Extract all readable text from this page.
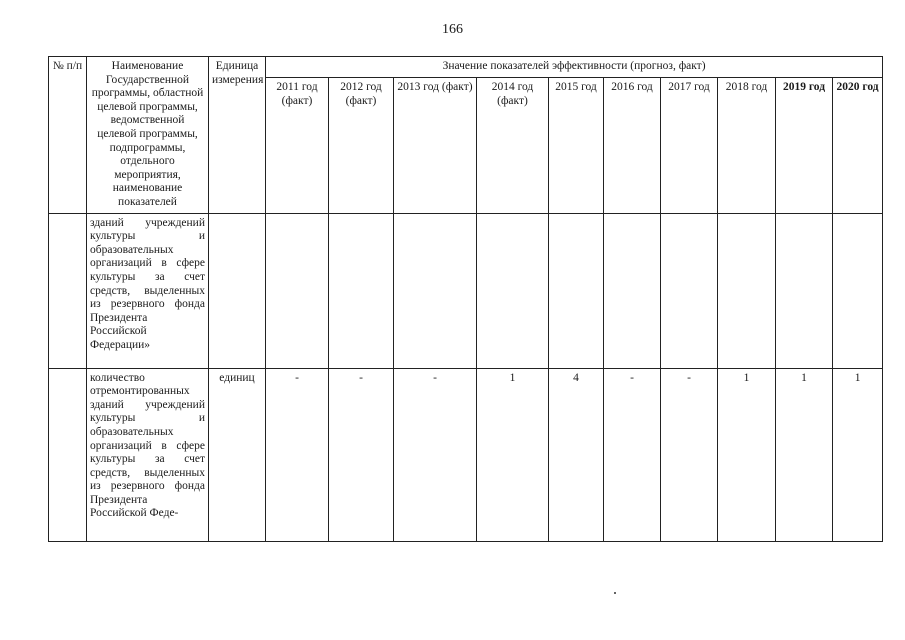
166
№ п/п	Наименование Государственной программы, областной целевой программы, ведомственной целевой программы, подпрограммы, отдельного мероприятия, наименование показателей	Единица измерения	Значение показателей эффективности (прогноз, факт)									
			2011 год (факт)	2012 год (факт)	2013 год (факт)	2014 год (факт)	2015 год	2016 год	2017 год	2018 год	2019 год	2020 год
	зданий учреждений культуры и образовательных организаций в сфере культуры за счет средств, выделенных из резервного фонда Президента Российской Федерации»											
	количество отремонтированных зданий учреждений культуры и образовательных организаций в сфере культуры за счет средств, выделенных из резервного фонда Президента Российской Феде-	единиц	-	-	-	1	4	-	-	1	1	1
